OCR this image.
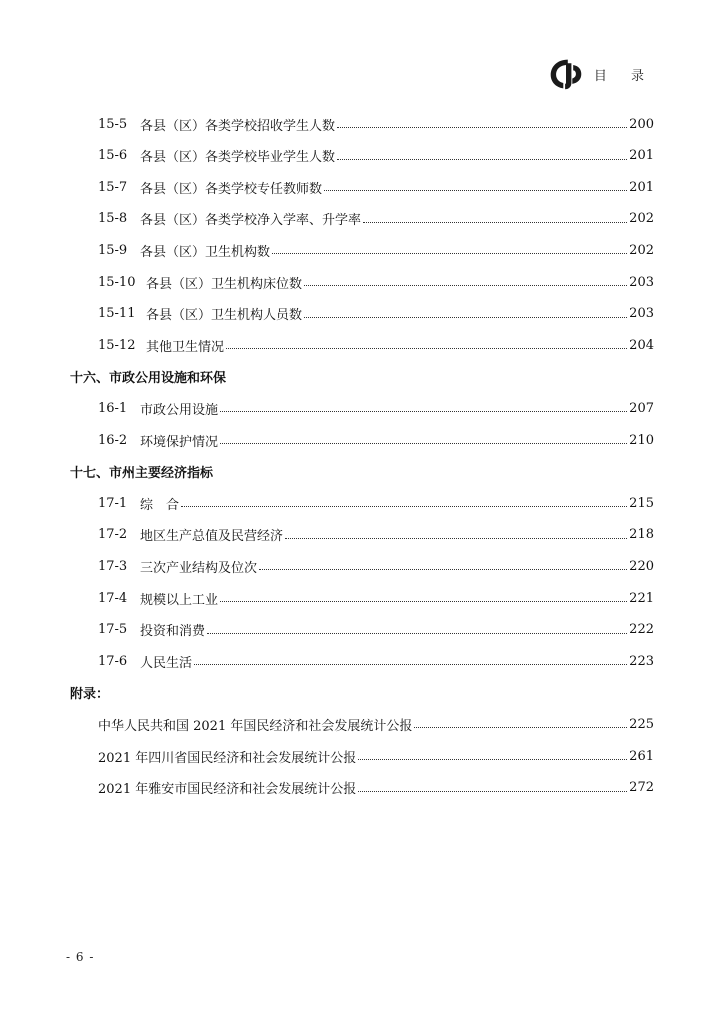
目 录
15-5 各县（区）各类学校招收学生人数	200
15-6 各县（区）各类学校毕业学生人数	201
15-7 各县（区）各类学校专任教师数	201
15-8 各县（区）各类学校净入学率、升学率	202
15-9 各县（区）卫生机构数	202
15-10 各县（区）卫生机构床位数	203
15-11 各县（区）卫生机构人员数	203
15-12 其他卫生情况	204
十六、市政公用设施和环保
16-1 市政公用设施	207
16-2 环境保护情况	210
十七、市州主要经济指标
17-1 综　合	215
17-2 地区生产总值及民营经济	218
17-3 三次产业结构及位次	220
17-4 规模以上工业	221
17-5 投资和消费	222
17-6 人民生活	223
附录：
中华人民共和国 2021 年国民经济和社会发展统计公报	225
2021 年四川省国民经济和社会发展统计公报	261
2021 年雅安市国民经济和社会发展统计公报	272
- 6 -
